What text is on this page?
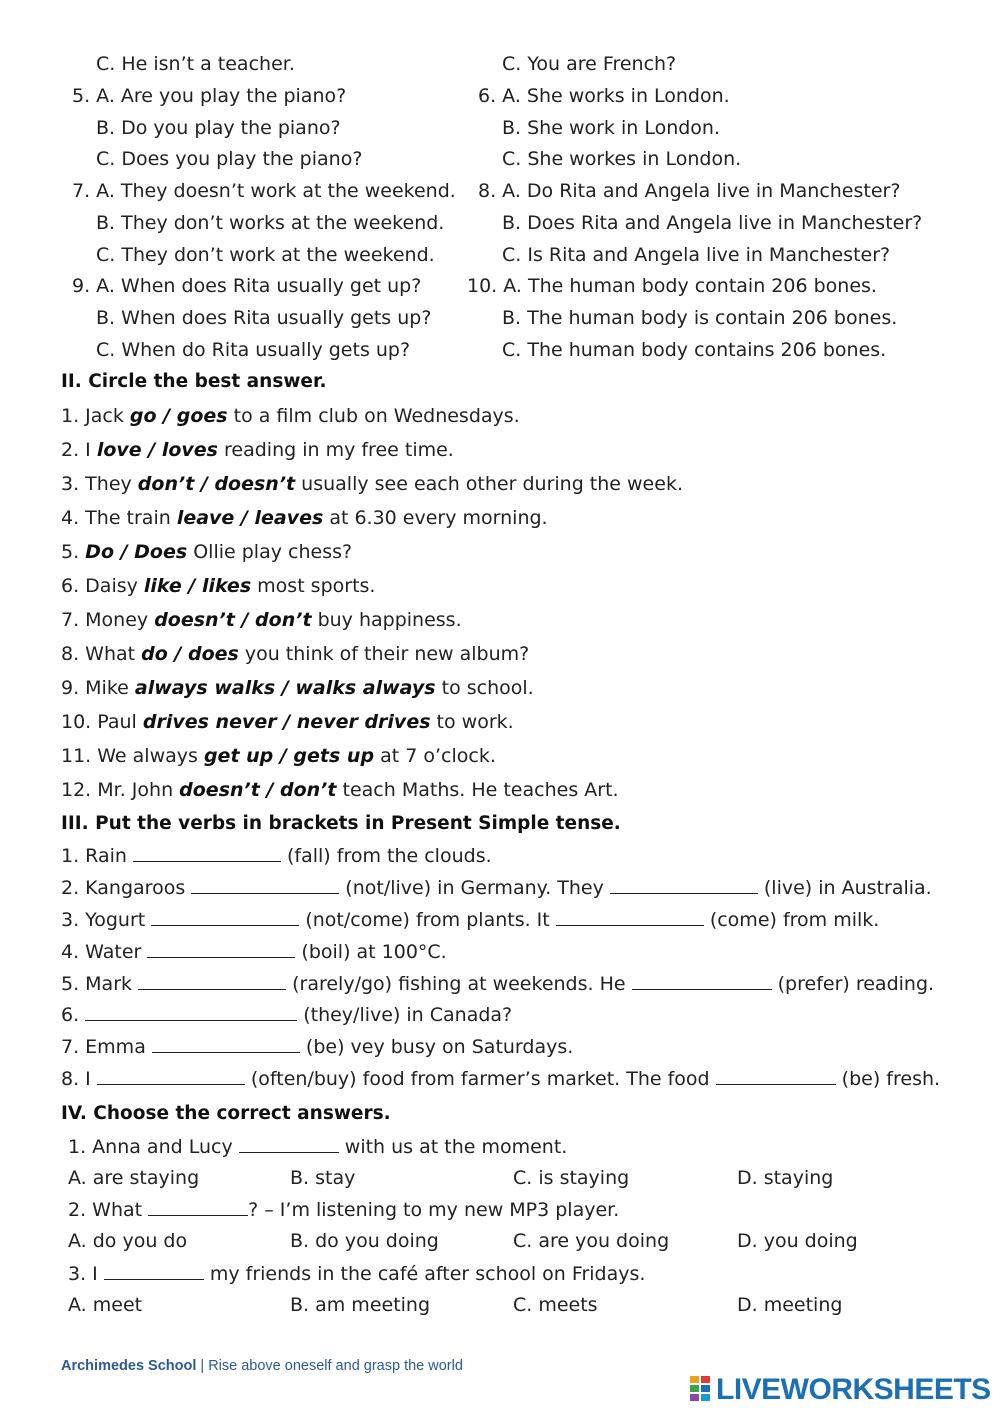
C. He isn’t a teacher.	C. You are French?
5. A. Are you play the piano?	6. A. She works in London.
B. Do you play the piano?	B. She work in London.
C. Does you play the piano?	C. She workes in London.
7. A. They doesn’t work at the weekend. 8. A. Do Rita and Angela live in Manchester?
B. They don’t works at the weekend.	B. Does Rita and Angela live in Manchester?
C. They don’t work at the weekend.	C. Is Rita and Angela live in Manchester?
9. A. When does Rita usually get up? 10. A. The human body contain 206 bones.
B. When does Rita usually gets up?	B. The human body is contain 206 bones.
C. When do Rita usually gets up?	C. The human body contains 206 bones.
II. Circle the best answer.
1. Jack go / goes to a film club on Wednesdays.
2. I love / loves reading in my free time.
3. They don’t / doesn’t usually see each other during the week.
4. The train leave / leaves at 6.30 every morning.
5. Do / Does Ollie play chess?
6. Daisy like / likes most sports.
7. Money doesn’t / don’t buy happiness.
8. What do / does you think of their new album?
9. Mike always walks / walks always to school.
10. Paul drives never / never drives to work.
11. We always get up / gets up at 7 o’clock.
12. Mr. John doesn’t / don’t teach Maths. He teaches Art.
III. Put the verbs in brackets in Present Simple tense.
1. Rain	(fall) from the clouds.
2. Kangaroos	(not/live) in Germany. They	(live) in Australia.
3. Yogurt	(not/come) from plants. It	(come) from milk.
4. Water	(boil) at 100°C.
5. Mark	(rarely/go) fishing at weekends. He	(prefer) reading.
6.	(they/live) in Canada?
7. Emma	(be) vey busy on Saturdays.
8. I	(often/buy) food from farmer’s market. The food	(be) fresh.
IV. Choose the correct answers.
1. Anna and Lucy	with us at the moment.
A. are staying	B. stay	C. is staying	D. staying
2. What	? – I’m listening to my new MP3 player.
A. do you do	B. do you doing	C. are you doing	D. you doing
3. I	my friends in the café after school on Fridays.
A. meet	B. am meeting	C. meets	D. meeting
Archimedes School | Rise above oneself and grasp the world
LIVEWORKSHEETS
